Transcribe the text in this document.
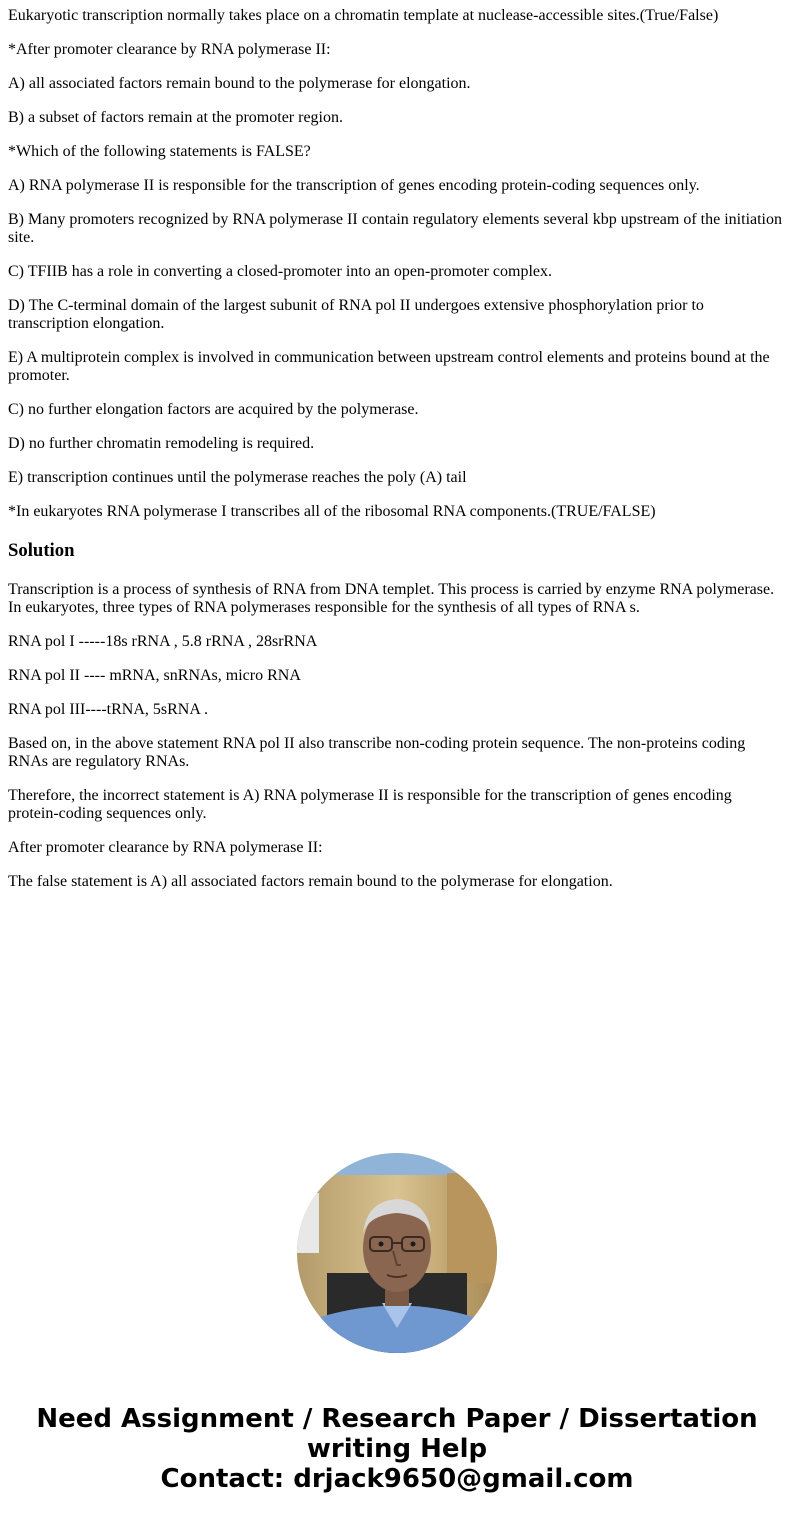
Eukaryotic transcription normally takes place on a chromatin template at nuclease-accessible sites.(True/False)

*After promoter clearance by RNA polymerase II:

A) all associated factors remain bound to the polymerase for elongation.

B) a subset of factors remain at the promoter region.

*Which of the following statements is FALSE?

A) RNA polymerase II is responsible for the transcription of genes encoding protein-coding sequences only.

B) Many promoters recognized by RNA polymerase II contain regulatory elements several kbp upstream of the initiation site.

C) TFIIB has a role in converting a closed-promoter into an open-promoter complex.

D) The C-terminal domain of the largest subunit of RNA pol II undergoes extensive phosphorylation prior to transcription elongation.

E) A multiprotein complex is involved in communication between upstream control elements and proteins bound at the promoter.

C) no further elongation factors are acquired by the polymerase.

D) no further chromatin remodeling is required.

E) transcription continues until the polymerase reaches the poly (A) tail

*In eukaryotes RNA polymerase I transcribes all of the ribosomal RNA components.(TRUE/FALSE)

Solution

Transcription is a process of synthesis of RNA from DNA templet. This process is carried by enzyme RNA polymerase. In eukaryotes, three types of RNA polymerases responsible for the synthesis of all types of RNA s.

RNA pol I -----18s rRNA , 5.8 rRNA , 28srRNA

RNA pol II ---- mRNA, snRNAs, micro RNA

RNA pol III----tRNA, 5sRNA .

Based on, in the above statement RNA pol II also transcribe non-coding protein sequence. The non-proteins coding RNAs are regulatory RNAs.

Therefore, the incorrect statement is A) RNA polymerase II is responsible for the transcription of genes encoding protein-coding sequences only.

After promoter clearance by RNA polymerase II:

The false statement is A) all associated factors remain bound to the polymerase for elongation.

Need Assignment / Research Paper / Dissertation
writing Help
Contact: drjack9650@gmail.com
